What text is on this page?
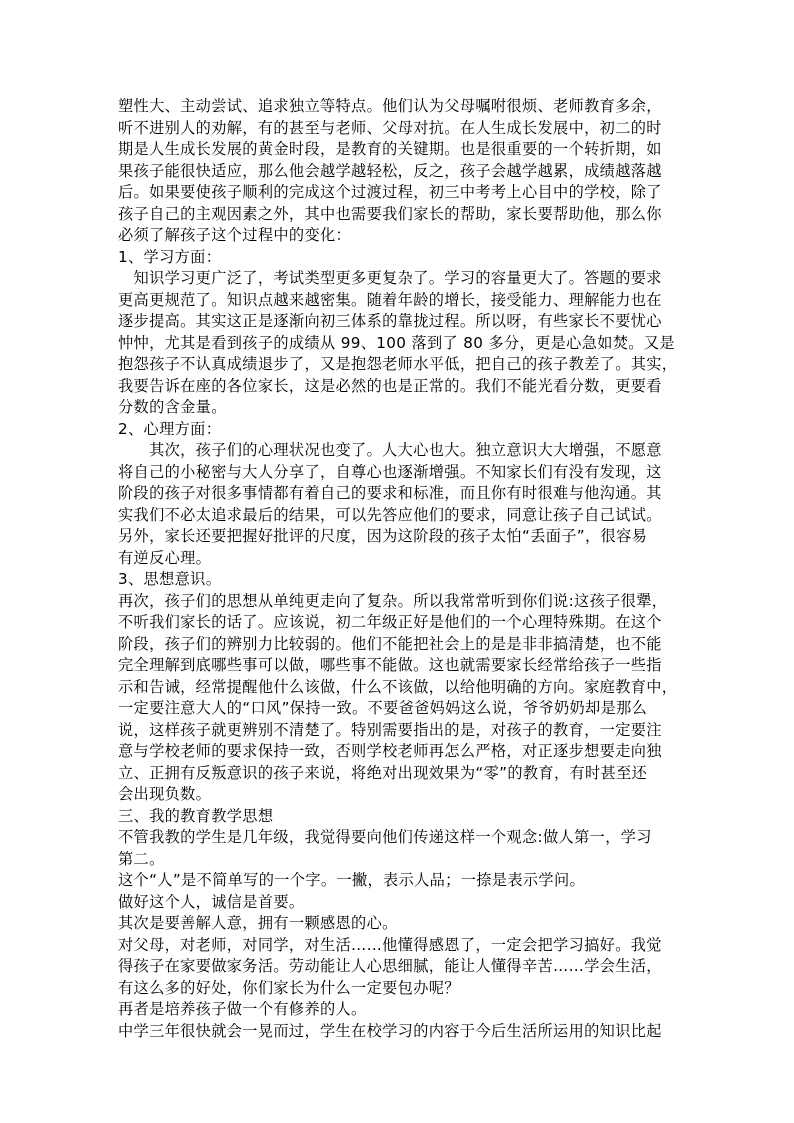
塑性大、主动尝试、追求独立等特点。他们认为父母嘱咐很烦、老师教育多余，
听不进别人的劝解，有的甚至与老师、父母对抗。在人生成长发展中，初二的时
期是人生成长发展的黄金时段，是教育的关键期。也是很重要的一个转折期，如
果孩子能很快适应，那么他会越学越轻松，反之，孩子会越学越累，成绩越落越
后。如果要使孩子顺利的完成这个过渡过程，初三中考考上心目中的学校，除了
孩子自己的主观因素之外，其中也需要我们家长的帮助，家长要帮助他，那么你
必须了解孩子这个过程中的变化：
1、学习方面：
　知识学习更广泛了，考试类型更多更复杂了。学习的容量更大了。答题的要求
更高更规范了。知识点越来越密集。随着年龄的增长，接受能力、理解能力也在
逐步提高。其实这正是逐渐向初三体系的靠拢过程。所以呀，有些家长不要忧心
忡忡，尤其是看到孩子的成绩从 99、100 落到了 80 多分，更是心急如焚。又是
抱怨孩子不认真成绩退步了，又是抱怨老师水平低，把自己的孩子教差了。其实，
我要告诉在座的各位家长，这是必然的也是正常的。我们不能光看分数，更要看
分数的含金量。
2、心理方面：
　　其次，孩子们的心理状况也变了。人大心也大。独立意识大大增强，不愿意
将自己的小秘密与大人分享了，自尊心也逐渐增强。不知家长们有没有发现，这
阶段的孩子对很多事情都有着自己的要求和标准，而且你有时很难与他沟通。其
实我们不必太追求最后的结果，可以先答应他们的要求，同意让孩子自己试试。
另外，家长还要把握好批评的尺度，因为这阶段的孩子太怕“丢面子”，很容易
有逆反心理。
3、思想意识。
再次，孩子们的思想从单纯更走向了复杂。所以我常常听到你们说:这孩子很犟，
不听我们家长的话了。应该说，初二年级正好是他们的一个心理特殊期。在这个
阶段，孩子们的辨别力比较弱的。他们不能把社会上的是是非非搞清楚，也不能
完全理解到底哪些事可以做，哪些事不能做。这也就需要家长经常给孩子一些指
示和告诫，经常提醒他什么该做，什么不该做，以给他明确的方向。家庭教育中，
一定要注意大人的“口风”保持一致。不要爸爸妈妈这么说，爷爷奶奶却是那么
说，这样孩子就更辨别不清楚了。特别需要指出的是，对孩子的教育，一定要注
意与学校老师的要求保持一致，否则学校老师再怎么严格，对正逐步想要走向独
立、正拥有反叛意识的孩子来说，将绝对出现效果为“零”的教育，有时甚至还
会出现负数。
三、我的教育教学思想
不管我教的学生是几年级，我觉得要向他们传递这样一个观念:做人第一，学习
第二。
这个“人”是不简单写的一个字。一撇，表示人品；一捺是表示学问。
做好这个人，诚信是首要。
其次是要善解人意，拥有一颗感恩的心。
对父母，对老师，对同学，对生活……他懂得感恩了，一定会把学习搞好。我觉
得孩子在家要做家务活。劳动能让人心思细腻，能让人懂得辛苦……学会生活，
有这么多的好处，你们家长为什么一定要包办呢？
再者是培养孩子做一个有修养的人。
中学三年很快就会一晃而过，学生在校学习的内容于今后生活所运用的知识比起
